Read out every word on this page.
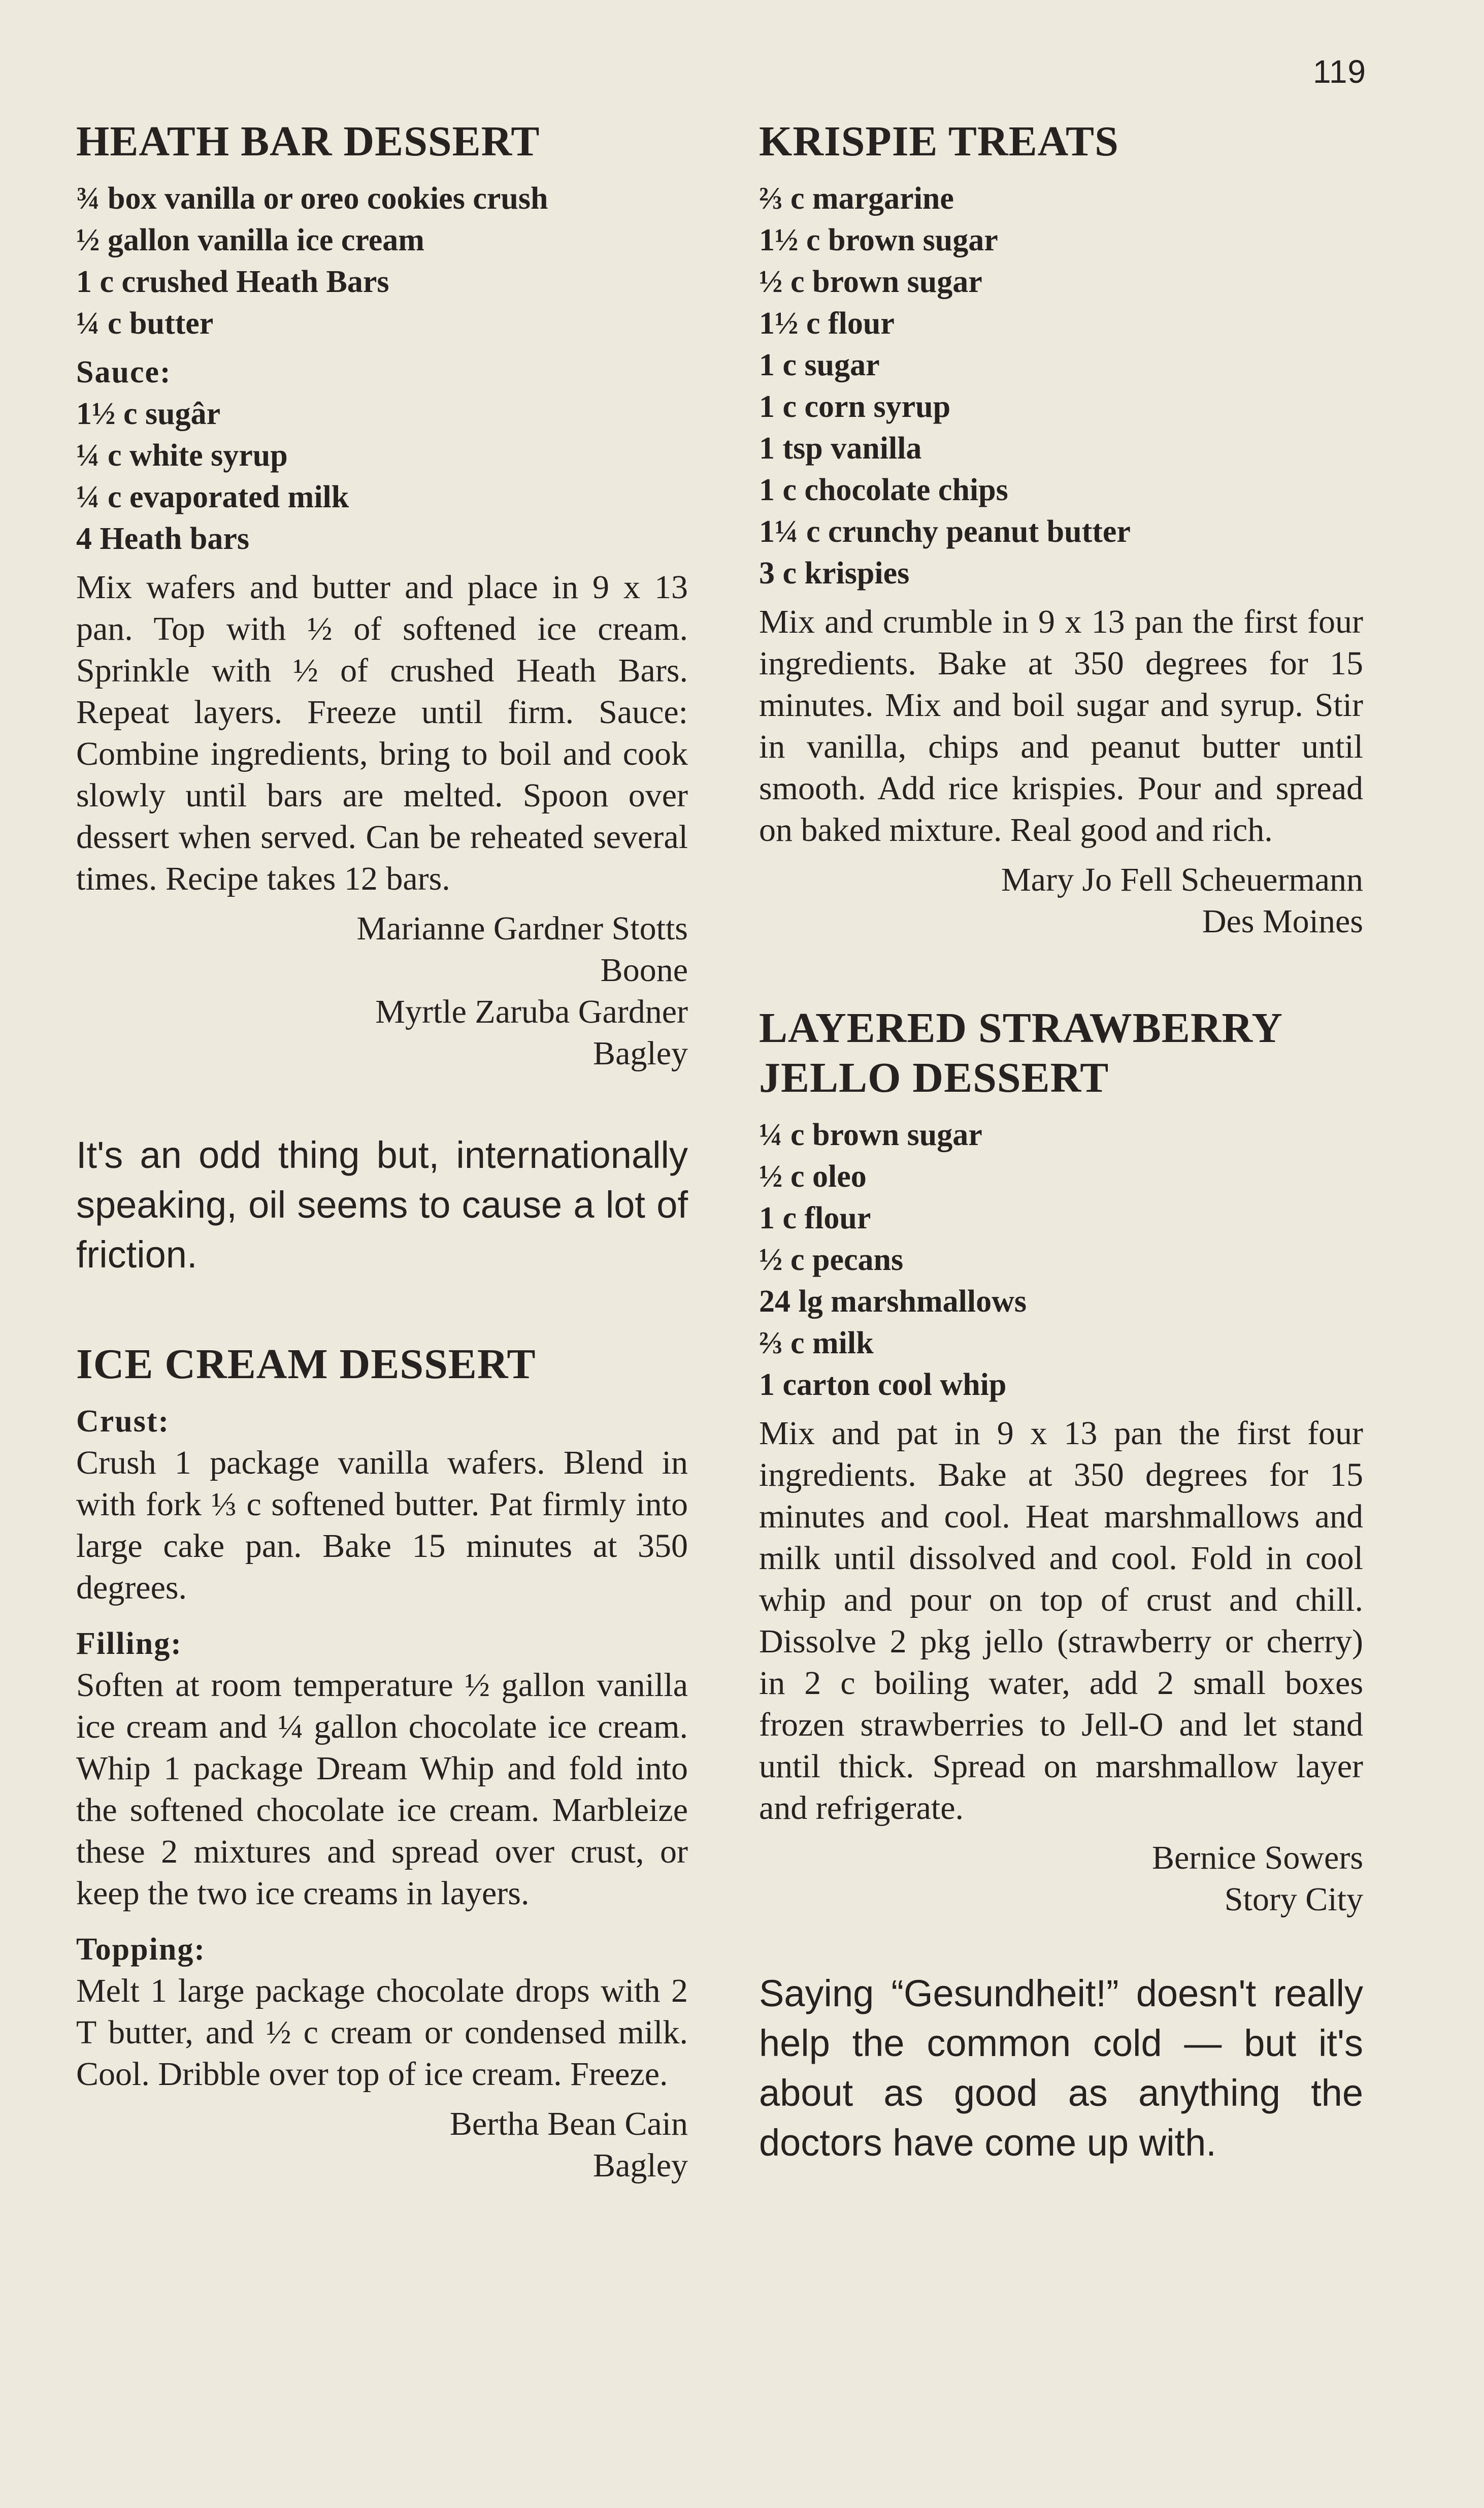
119
HEATH BAR DESSERT
¾ box vanilla or oreo cookies crush
½ gallon vanilla ice cream
1 c crushed Heath Bars
¼ c butter
Sauce:
1½ c sugâr
¼ c white syrup
¼ c evaporated milk
4 Heath bars

Mix wafers and butter and place in 9 x 13 pan. Top with ½ of softened ice cream. Sprinkle with ½ of crushed Heath Bars. Repeat layers. Freeze until firm. Sauce: Combine ingredients, bring to boil and cook slowly until bars are melted. Spoon over dessert when served. Can be reheated several times. Recipe takes 12 bars.

Marianne Gardner Stotts
Boone
Myrtle Zaruba Gardner
Bagley

It's an odd thing but, internationally speaking, oil seems to cause a lot of friction.

ICE CREAM DESSERT
Crust:

Crush 1 package vanilla wafers. Blend in with fork ⅓ c softened butter. Pat firmly into large cake pan. Bake 15 minutes at 350 degrees.

Filling:

Soften at room temperature ½ gallon vanilla ice cream and ¼ gallon chocolate ice cream. Whip 1 package Dream Whip and fold into the softened chocolate ice cream. Marbleize these 2 mixtures and spread over crust, or keep the two ice creams in layers.

Topping:

Melt 1 large package chocolate drops with 2 T butter, and ½ c cream or condensed milk. Cool. Dribble over top of ice cream. Freeze.

Bertha Bean Cain
Bagley
KRISPIE TREATS
⅔ c margarine
1½ c brown sugar
½ c brown sugar
1½ c flour
1 c sugar
1 c corn syrup
1 tsp vanilla
1 c chocolate chips
1¼ c crunchy peanut butter
3 c krispies

Mix and crumble in 9 x 13 pan the first four ingredients. Bake at 350 degrees for 15 minutes. Mix and boil sugar and syrup. Stir in vanilla, chips and peanut butter until smooth. Add rice krispies. Pour and spread on baked mixture. Real good and rich.

Mary Jo Fell Scheuermann
Des Moines
LAYERED STRAWBERRY
JELLO DESSERT
¼ c brown sugar
½ c oleo
1 c flour
½ c pecans
24 lg marshmallows
⅔ c milk
1 carton cool whip

Mix and pat in 9 x 13 pan the first four ingredients. Bake at 350 degrees for 15 minutes and cool. Heat marshmallows and milk until dissolved and cool. Fold in cool whip and pour on top of crust and chill. Dissolve 2 pkg jello (strawberry or cherry) in 2 c boiling water, add 2 small boxes frozen strawberries to Jell-O and let stand until thick. Spread on marshmallow layer and refrigerate.

Bernice Sowers
Story City

Saying “Gesundheit!” doesn't really help the common cold — but it's about as good as anything the doctors have come up with.
